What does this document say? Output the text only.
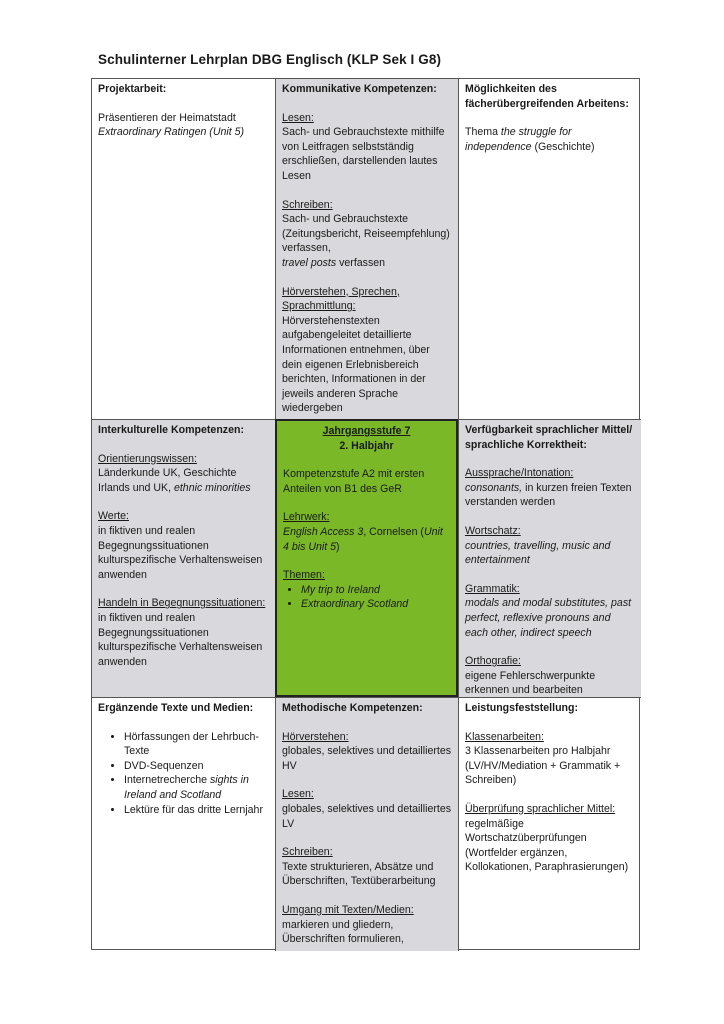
Schulinterner Lehrplan DBG Englisch (KLP Sek I G8)
Projektarbeit:
Präsentieren der Heimatstadt
Extraordinary Ratingen (Unit 5)
Kommunikative Kompetenzen:
Lesen:
Sach- und Gebrauchstexte mithilfe von Leitfragen selbstständig erschließen, darstellenden lautes Lesen
Schreiben:
Sach- und Gebrauchstexte (Zeitungsbericht, Reiseempfehlung) verfassen,
travel posts verfassen
Hörverstehen, Sprechen, Sprachmittlung:
Hörverstehenstexten aufgabengeleitet detaillierte Informationen entnehmen, über dein eigenen Erlebnisbereich berichten, Informationen in der jeweils anderen Sprache wiedergeben
Möglichkeiten des fächerübergreifenden Arbeitens:
Thema the struggle for independence (Geschichte)
Interkulturelle Kompetenzen:
Orientierungswissen:
Länderkunde UK, Geschichte Irlands und UK, ethnic minorities
Werte:
in fiktiven und realen Begegnungssituationen kulturspezifische Verhaltensweisen anwenden
Handeln in Begegnungssituationen:
in fiktiven und realen Begegnungssituationen kulturspezifische Verhaltensweisen anwenden
Jahrgangsstufe 7
2. Halbjahr
Kompetenzstufe A2 mit ersten Anteilen von B1 des GeR
Lehrwerk:
English Access 3, Cornelsen (Unit 4 bis Unit 5)
Themen:
• My trip to Ireland
• Extraordinary Scotland
Verfügbarkeit sprachlicher Mittel/ sprachliche Korrektheit:
Aussprache/Intonation:
consonants, in kurzen freien Texten verstanden werden
Wortschatz:
countries, travelling, music and entertainment
Grammatik:
modals and modal substitutes, past perfect, reflexive pronouns and each other, indirect speech
Orthografie:
eigene Fehlerschwerpunkte erkennen und bearbeiten
Ergänzende Texte und Medien:
• Hörfassungen der Lehrbuch-Texte
• DVD-Sequenzen
• Internetrecherche sights in Ireland and Scotland
• Lektüre für das dritte Lernjahr
Methodische Kompetenzen:
Hörverstehen:
globales, selektives und detailliertes HV
Lesen:
globales, selektives und detailliertes LV
Schreiben:
Texte strukturieren, Absätze und Überschriften, Textüberarbeitung
Umgang mit Texten/Medien:
markieren und gliedern, Überschriften formulieren,
Leistungsfeststellung:
Klassenarbeiten:
3 Klassenarbeiten pro Halbjahr (LV/HV/Mediation + Grammatik + Schreiben)
Überprüfung sprachlicher Mittel:
regelmäßige Wortschatzüberprüfungen (Wortfelder ergänzen, Kollokationen, Paraphrasierungen)
